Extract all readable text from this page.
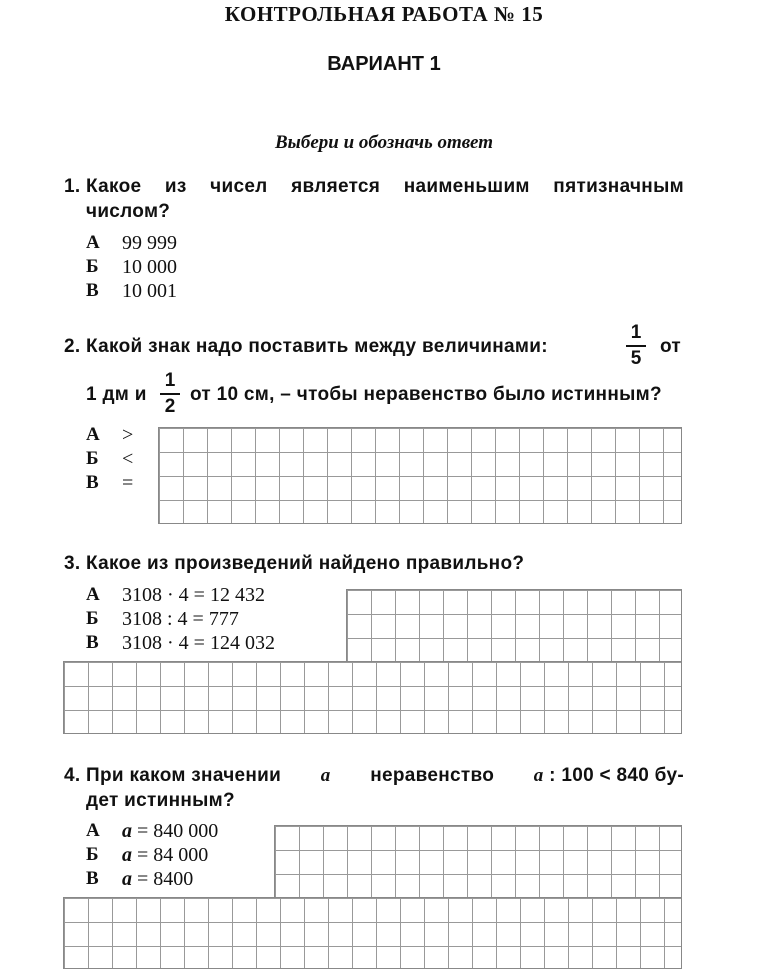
КОНТРОЛЬНАЯ РАБОТА № 15
ВАРИАНТ 1
Выбери и обозначь ответ
1. Какое из чисел является наименьшим пятизначным
числом?
А 99 999
Б 10 000
В 10 001
2. Какой знак надо поставить между величинами:
1
5
от
1 дм и
1
2
от 10 см, – чтобы неравенство было истинным?
А >
Б <
В =
3. Какое из произведений найдено правильно?
А 3108 · 4 = 12 432
Б 3108 : 4 = 777
В 3108 · 4 = 124 032
4. При каком значении а неравенство а : 100 < 840 бу-
дет истинным?
А а = 840 000
Б а = 84 000
В а = 8400
